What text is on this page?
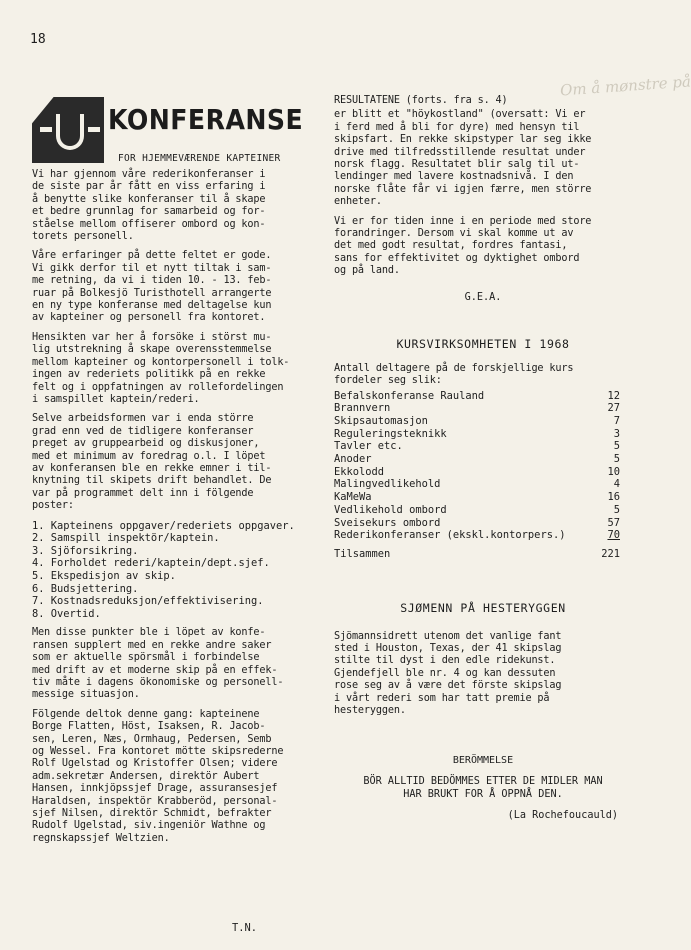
18
Om å mønstre på
KONFERANSE
FOR HJEMMEVÆRENDE KAPTEINER

Vi har gjennom våre rederikonferanser i
de siste par år fått en viss erfaring i
å benytte slike konferanser til å skape
et bedre grunnlag for samarbeid og for-
ståelse mellom offiserer ombord og kon-
torets personell.

Våre erfaringer på dette feltet er gode.
Vi gikk derfor til et nytt tiltak i sam-
me retning, da vi i tiden 10. - 13. feb-
ruar på Bolkesjö Turisthotell arrangerte
en ny type konferanse med deltagelse kun
av kapteiner og personell fra kontoret.

Hensikten var her å forsöke i störst mu-
lig utstrekning å skape overensstemmelse
mellom kapteiner og kontorpersonell i tolk-
ingen av rederiets politikk på en rekke
felt og i oppfatningen av rollefordelingen
i samspillet kaptein/rederi.

Selve arbeidsformen var i enda större
grad enn ved de tidligere konferanser
preget av gruppearbeid og diskusjoner,
med et minimum av foredrag o.l. I löpet
av konferansen ble en rekke emner i til-
knytning til skipets drift behandlet. De
var på programmet delt inn i fölgende
poster:

1. Kapteinens oppgaver/rederiets oppgaver.
2. Samspill inspektör/kaptein.
3. Sjöforsikring.
4. Forholdet rederi/kaptein/dept.sjef.
5. Ekspedisjon av skip.
6. Budsjettering.
7. Kostnadsreduksjon/effektivisering.
8. Overtid.

Men disse punkter ble i löpet av konfe-
ransen supplert med en rekke andre saker
som er aktuelle spörsmål i forbindelse
med drift av et moderne skip på en effek-
tiv måte i dagens ökonomiske og personell-
messige situasjon.

Fölgende deltok denne gang: kapteinene
Borge Flatten, Höst, Isaksen, R. Jacob-
sen, Leren, Næs, Ormhaug, Pedersen, Semb
og Wessel. Fra kontoret mötte skipsrederne
Rolf Ugelstad og Kristoffer Olsen; videre
adm.sekretær Andersen, direktör Aubert
Hansen, innkjöpssjef Drage, assuransesjef
Haraldsen, inspektör Krabberöd, personal-
sjef Nilsen, direktör Schmidt, befrakter
Rudolf Ugelstad, siv.ingeniör Wathne og
regnskapssjef Weltzien.

T.N.

RESULTATENE (forts. fra s. 4)

er blitt et "höykostland" (oversatt: Vi er
i ferd med å bli for dyre) med hensyn til
skipsfart. En rekke skipstyper lar seg ikke
drive med tilfredsstillende resultat under
norsk flagg. Resultatet blir salg til ut-
lendinger med lavere kostnadsnivå. I den
norske flåte får vi igjen færre, men större
enheter.

Vi er for tiden inne i en periode med store
forandringer. Dersom vi skal komme ut av
det med godt resultat, fordres fantasi,
sans for effektivitet og dyktighet ombord
og på land.

G.E.A.
KURSVIRKSOMHETEN I 1968

Antall deltagere på de forskjellige kurs
fordeler seg slik:

Befalskonferanse Rauland	12
Brannvern	27
Skipsautomasjon	7
Reguleringsteknikk	3
Tavler etc.	5
Anoder	5
Ekkolodd	10
Malingvedlikehold	4
KaMeWa	16
Vedlikehold ombord	5
Sveisekurs ombord	57
Rederikonferanser (ekskl.kontorpers.)	70
Tilsammen	221
SJØMENN PÅ HESTERYGGEN

Sjömannsidrett utenom det vanlige fant
sted i Houston, Texas, der 41 skipslag
stilte til dyst i den edle ridekunst.
Gjendefjell ble nr. 4 og kan dessuten
rose seg av å være det förste skipslag
i vårt rederi som har tatt premie på
hesteryggen.

BERÖMMELSE
BÖR ALLTID BEDÖMMES ETTER DE MIDLER MAN
HAR BRUKT FOR Å OPPNÅ DEN.
(La Rochefoucauld)
